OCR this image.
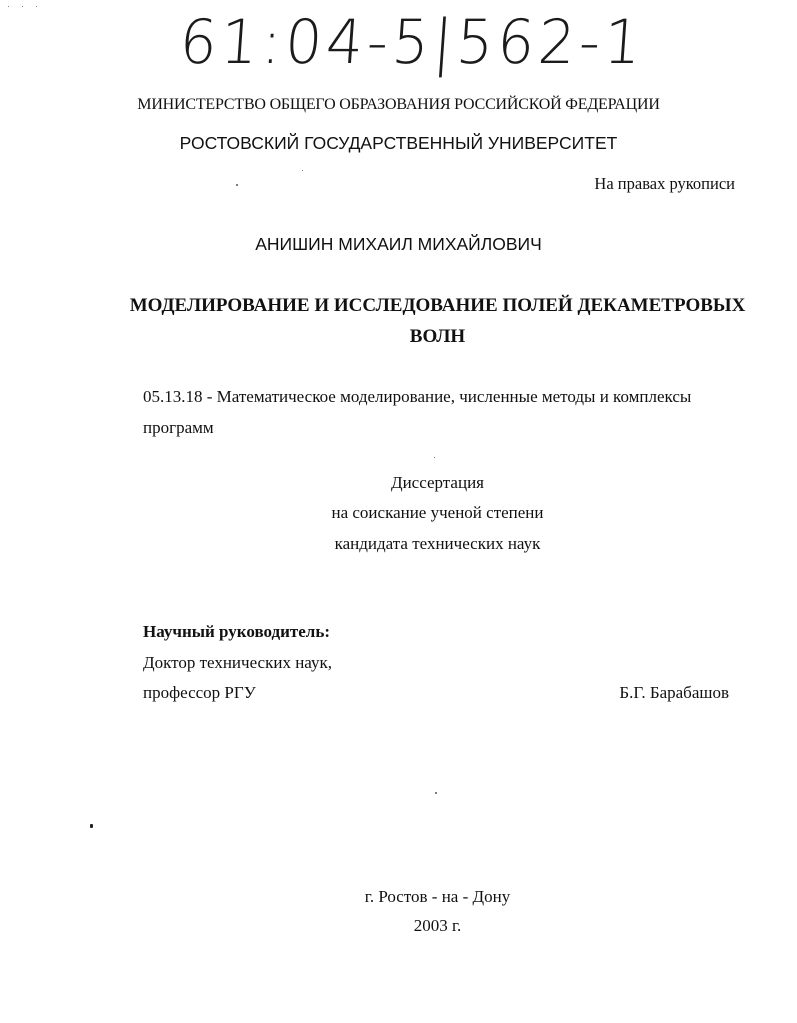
61:04-5|562-1
МИНИСТЕРСТВО ОБЩЕГО ОБРАЗОВАНИЯ РОССИЙСКОЙ ФЕДЕРАЦИИ
РОСТОВСКИЙ ГОСУДАРСТВЕННЫЙ УНИВЕРСИТЕТ
На правах рукописи
АНИШИН МИХАИЛ МИХАЙЛОВИЧ
МОДЕЛИРОВАНИЕ И ИССЛЕДОВАНИЕ ПОЛЕЙ ДЕКАМЕТРОВЫХ ВОЛН
05.13.18 - Математическое моделирование, численные методы и комплексы программ
Диссертация
на соискание ученой степени
кандидата технических наук
Научный руководитель:
Доктор технических наук,
профессор РГУ	Б.Г. Барабашов
г. Ростов - на - Дону
2003 г.
